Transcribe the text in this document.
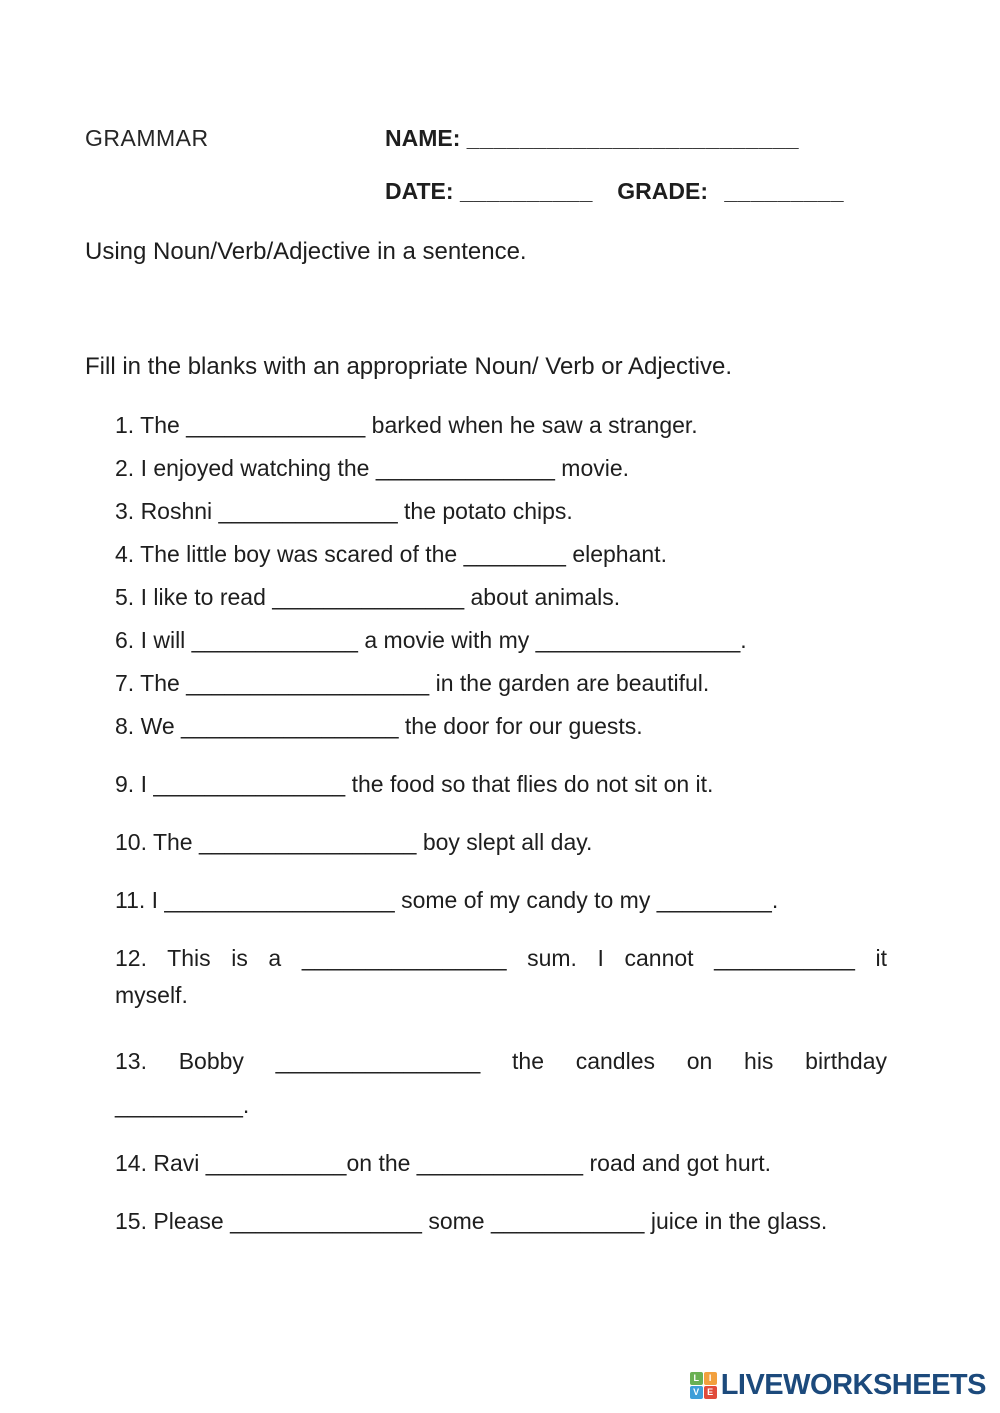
GRAMMAR	NAME: _________________________
DATE: __________ GRADE: _________
Using Noun/Verb/Adjective in a sentence.
Fill in the blanks with an appropriate Noun/ Verb or Adjective.
1. The ______________ barked when he saw a stranger.
2. I enjoyed watching the ______________ movie.
3. Roshni ______________ the potato chips.
4. The little boy was scared of the ________ elephant.
5. I like to read _______________ about animals.
6. I will _____________ a movie with my ________________.
7. The ___________________ in the garden are beautiful.
8. We _________________ the door for our guests.
9. I _______________ the food so that flies do not sit on it.
10. The _________________ boy slept all day.
11. I __________________ some of my candy to my _________.
12. This is a ________________ sum. I cannot ___________ it
myself.
13. Bobby ________________ the candles on his birthday
__________.
14. Ravi ___________on the _____________ road and got hurt.
15. Please _______________ some ____________ juice in the glass.
L	I
V E LIVEWORKSHEETS
